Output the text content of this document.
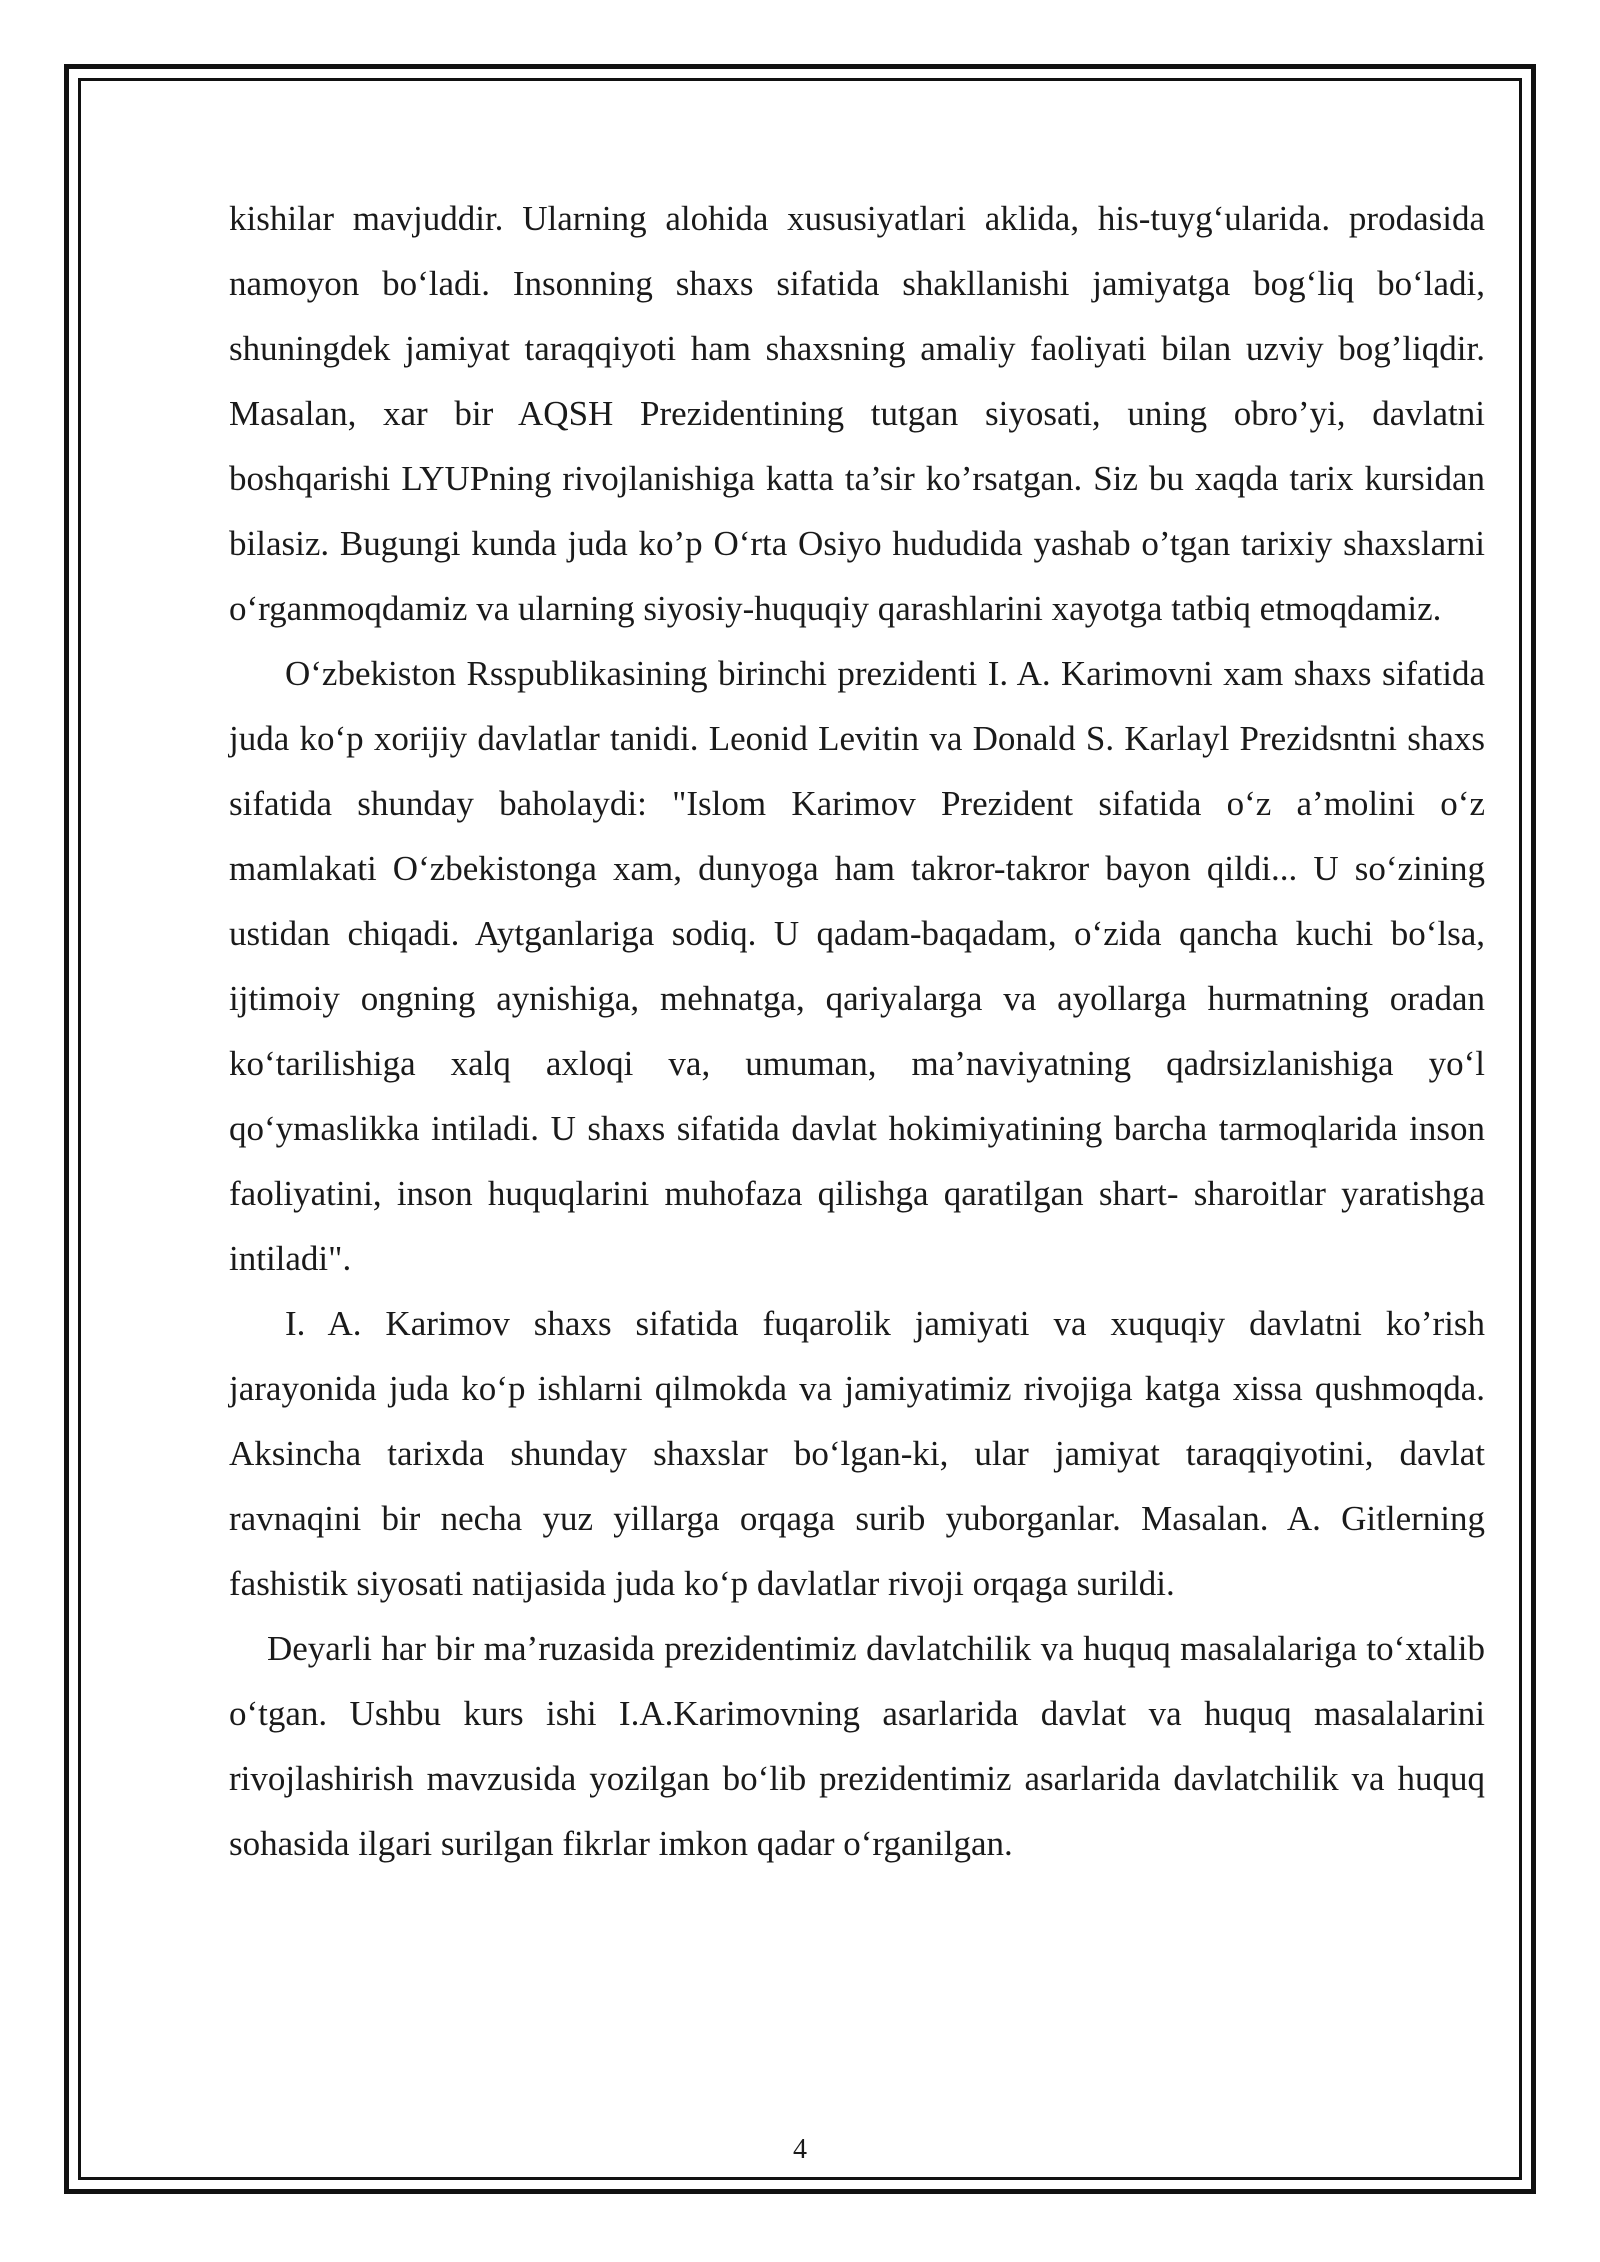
kishilar mavjuddir. Ularning alohida xususiyatlari aklida, his-tuyg‘ularida. prodasida namoyon bo‘ladi. Insonning shaxs sifatida shakllanishi jamiyatga bog‘liq bo‘ladi, shuningdek jamiyat taraqqiyoti ham shaxsning amaliy faoliyati bilan uzviy bog’liqdir. Masalan, xar bir AQSH Prezidentining tutgan siyosati, uning obro’yi, davlatni boshqarishi LYUPning rivojlanishiga katta ta’sir ko’rsatgan. Siz bu xaqda tarix kursidan bilasiz. Bugungi kunda juda ko’p O‘rta Osiyo hududida yashab o’tgan tarixiy shaxslarni o‘rganmoqdamiz va ularning siyosiy-huquqiy qarashlarini xayotga tatbiq etmoqdamiz.

O‘zbekiston Rsspublikasining birinchi prezidenti I. A. Karimovni xam shaxs sifatida juda ko‘p xorijiy davlatlar tanidi. Leonid Levitin va Donald S. Karlayl Prezidsntni shaxs sifatida shunday baholaydi: "Islom Karimov Prezident sifatida o‘z a’molini o‘z mamlakati O‘zbekistonga xam, dunyoga ham takror-takror bayon qildi... U so‘zining ustidan chiqadi. Aytganlariga sodiq. U qadam-baqadam, o‘zida qancha kuchi bo‘lsa, ijtimoiy ongning aynishiga, mehnatga, qariyalarga va ayollarga hurmatning oradan ko‘tarilishiga xalq axloqi va, umuman, ma’naviyatning qadrsizlanishiga yo‘l qo‘ymaslikka intiladi. U shaxs sifatida davlat hokimiyatining barcha tarmoqlarida inson faoliyatini, inson huquqlarini muhofaza qilishga qaratilgan shart- sharoitlar yaratishga intiladi".

I. A. Karimov shaxs sifatida fuqarolik jamiyati va xuquqiy davlatni ko’rish jarayonida juda ko‘p ishlarni qilmokda va jamiyatimiz rivojiga katga xissa qushmoqda. Aksincha tarixda shunday shaxslar bo‘lgan-ki, ular jamiyat taraqqiyotini, davlat ravnaqini bir necha yuz yillarga orqaga surib yuborganlar. Masalan. A. Gitlerning fashistik siyosati natijasida juda ko‘p davlatlar rivoji orqaga surildi.

Deyarli har bir ma’ruzasida prezidentimiz davlatchilik va huquq masalalariga to‘xtalib o‘tgan. Ushbu kurs ishi I.A.Karimovning asarlarida davlat va huquq masalalarini rivojlashirish mavzusida yozilgan bo‘lib prezidentimiz asarlarida davlatchilik va huquq sohasida ilgari surilgan fikrlar imkon qadar o‘rganilgan.

4
